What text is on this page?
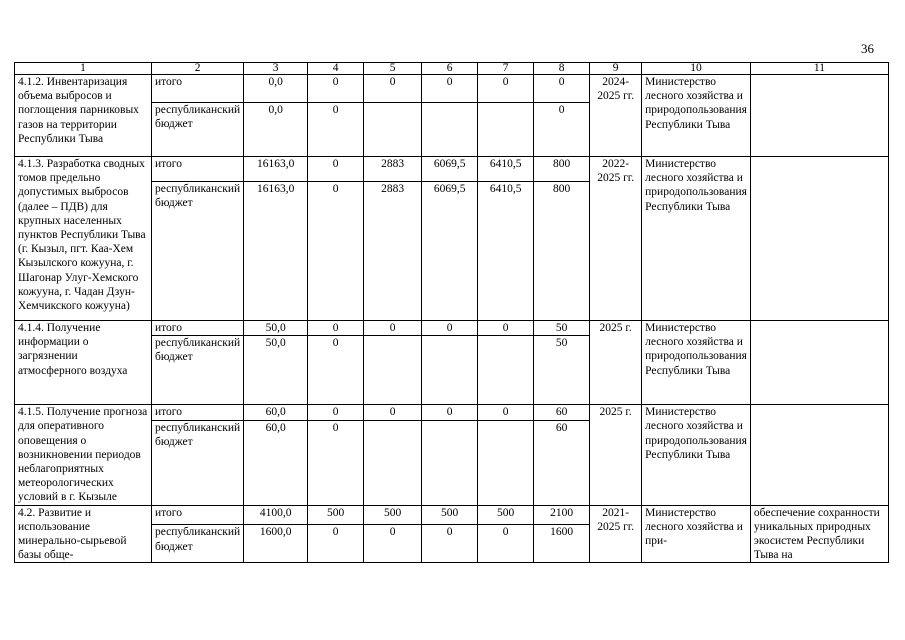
36
1	2	3	4	5	6	7	8	9	10	11
4.1.2. Инвентаризация объема выбросов и поглощения парниковых газов на территории Республики Тыва	итого	0,0	0	0	0	0	0	2024-2025 гг.	Министерство лесного хозяйства и природопользования Республики Тыва	
	республиканский бюджет	0,0	0				0			
4.1.3. Разработка сводных томов предельно допустимых выбросов (далее – ПДВ) для крупных населенных пунктов Республики Тыва (г. Кызыл, пгт. Каа-Хем Кызылского кожууна, г. Шагонар Улуг-Хемского кожууна, г. Чадан Дзун-Хемчикского кожууна)	итого	16163,0	0	2883	6069,5	6410,5	800	2022-2025 гг.	Министерство лесного хозяйства и природопользования Республики Тыва	
	республиканский бюджет	16163,0	0	2883	6069,5	6410,5	800			
4.1.4. Получение информации о загрязнении атмосферного воздуха	итого	50,0	0	0	0	0	50	2025 г.	Министерство лесного хозяйства и природопользования Республики Тыва	
	республиканский бюджет	50,0	0				50			
4.1.5. Получение прогноза для оперативного оповещения о возникновении периодов неблагоприятных метеорологических условий в г. Кызыле	итого	60,0	0	0	0	0	60	2025 г.	Министерство лесного хозяйства и природопользования Республики Тыва	
	республиканский бюджет	60,0	0				60			
4.2. Развитие и использование минерально-сырьевой базы обще-	итого	4100,0	500	500	500	500	2100	2021-2025 гг.	Министерство лесного хозяйства и при-	обеспечение сохранности уникальных природных экосистем Республики Тыва на
	республиканский бюджет	1600,0	0	0	0	0	1600			
